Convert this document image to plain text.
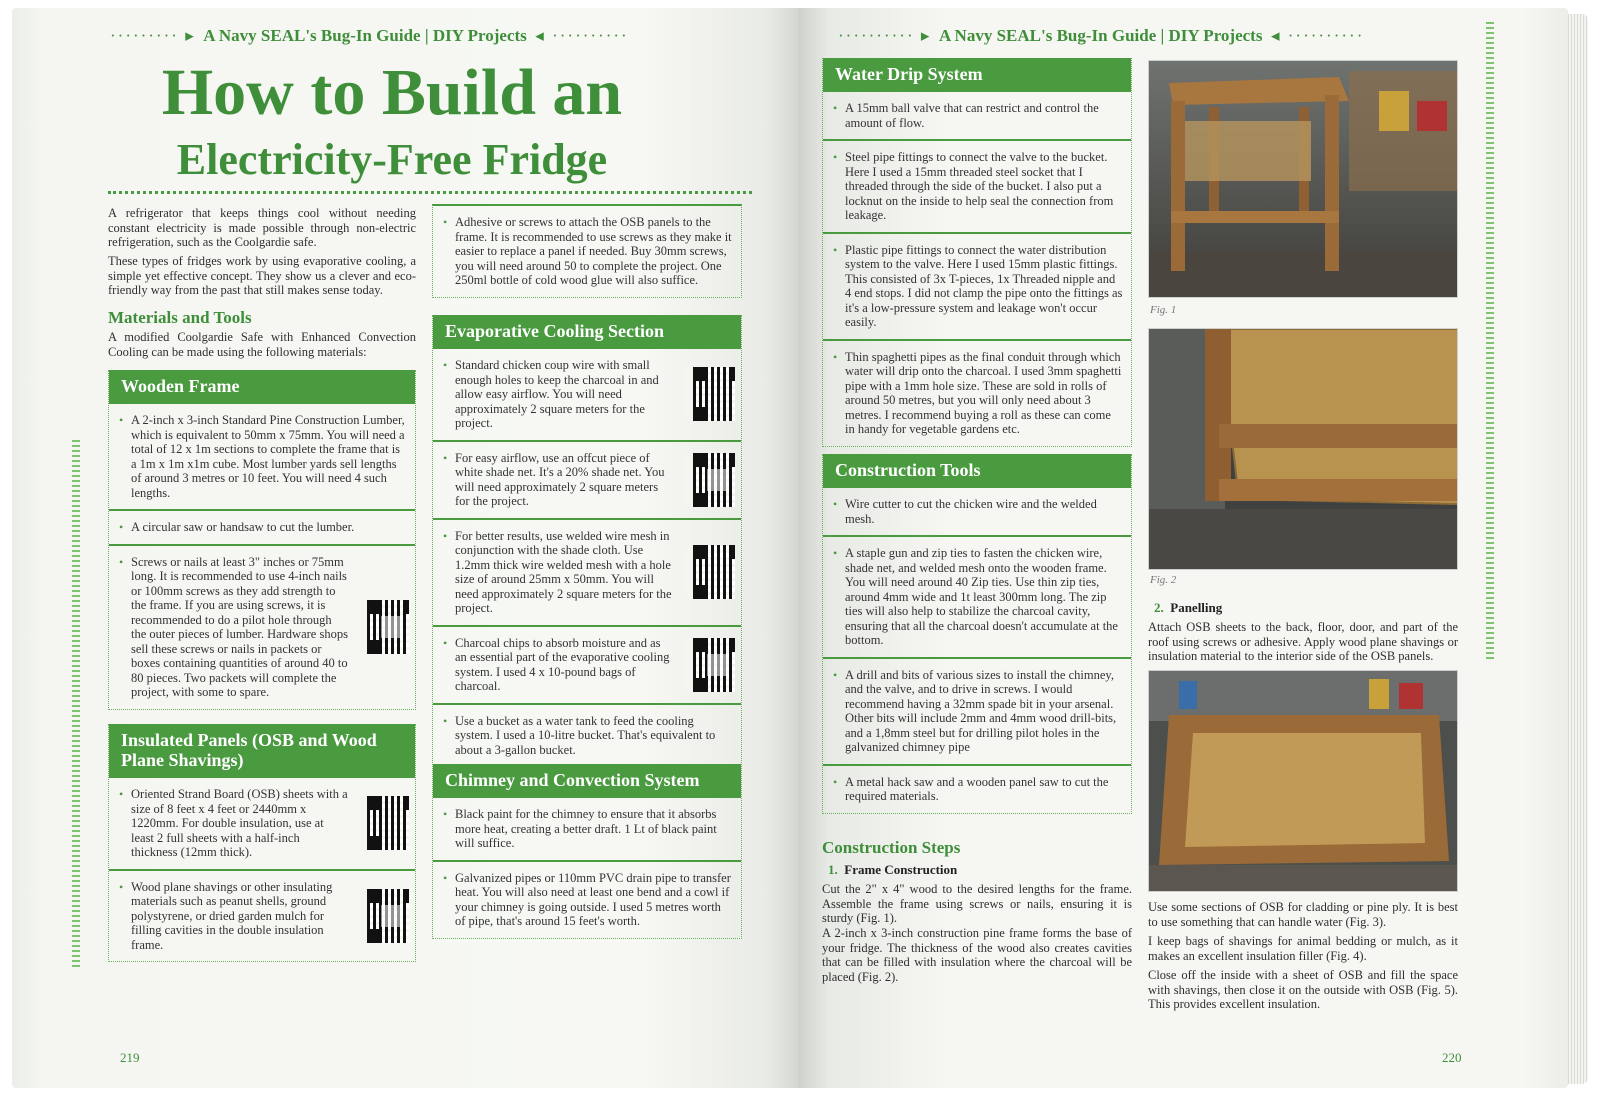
········· ▸ A Navy SEAL's Bug-In Guide | DIY Projects ◂ ··········
How to Build an
Electricity-Free Fridge
A refrigerator that keeps things cool without needing constant electricity is made possible through non-electric refrigeration, such as the Coolgardie safe.
These types of fridges work by using evaporative cooling, a simple yet effective concept. They show us a clever and eco-friendly way from the past that still makes sense today.
Materials and Tools
A modified Coolgardie Safe with Enhanced Convection Cooling can be made using the following materials:
Wooden Frame
• A 2-inch x 3-inch Standard Pine Construction Lumber, which is equivalent to 50mm x 75mm. You will need a total of 12 x 1m sections to complete the frame that is a 1m x 1m x1m cube. Most lumber yards sell lengths of around 3 metres or 10 feet. You will need 4 such lengths.
• A circular saw or handsaw to cut the lumber.
• Screws or nails at least 3" inches or 75mm long. It is recommended to use 4-inch nails or 100mm screws as they add strength to the frame. If you are using screws, it is recommended to do a pilot hole through the outer pieces of lumber. Hardware shops sell these screws or nails in packets or boxes containing quantities of around 40 to 80 pieces. Two packets will complete the project, with some to spare.
Insulated Panels (OSB and Wood Plane Shavings)
• Oriented Strand Board (OSB) sheets with a size of 8 feet x 4 feet or 2440mm x 1220mm. For double insulation, use at least 2 full sheets with a half-inch thickness (12mm thick).
• Wood plane shavings or other insulating materials such as peanut shells, ground polystyrene, or dried garden mulch for filling cavities in the double insulation frame.
• Adhesive or screws to attach the OSB panels to the frame. It is recommended to use screws as they make it easier to replace a panel if needed. Buy 30mm screws, you will need around 50 to complete the project. One 250ml bottle of cold wood glue will also suffice.
Evaporative Cooling Section
• Standard chicken coup wire with small enough holes to keep the charcoal in and allow easy airflow. You will need approximately 2 square meters for the project.
• For easy airflow, use an offcut piece of white shade net. It's a 20% shade net. You will need approximately 2 square meters for the project.
• For better results, use welded wire mesh in conjunction with the shade cloth. Use 1.2mm thick wire welded mesh with a hole size of around 25mm x 50mm. You will need approximately 2 square meters for the project.
• Charcoal chips to absorb moisture and as an essential part of the evaporative cooling system. I used 4 x 10-pound bags of charcoal.
• Use a bucket as a water tank to feed the cooling system. I used a 10-litre bucket. That's equivalent to about a 3-gallon bucket.
Chimney and Convection System
• Black paint for the chimney to ensure that it absorbs more heat, creating a better draft. 1 Lt of black paint will suffice.
• Galvanized pipes or 110mm PVC drain pipe to transfer heat. You will also need at least one bend and a cowl if your chimney is going outside. I used 5 metres worth of pipe, that's around 15 feet's worth.
219
·········· ▸ A Navy SEAL's Bug-In Guide | DIY Projects ◂ ··········
Water Drip System
• A 15mm ball valve that can restrict and control the amount of flow.
• Steel pipe fittings to connect the valve to the bucket. Here I used a 15mm threaded steel socket that I threaded through the side of the bucket. I also put a locknut on the inside to help seal the connection from leakage.
• Plastic pipe fittings to connect the water distribution system to the valve. Here I used 15mm plastic fittings. This consisted of 3x T-pieces, 1x Threaded nipple and 4 end stops. I did not clamp the pipe onto the fittings as it's a low-pressure system and leakage won't occur easily.
• Thin spaghetti pipes as the final conduit through which water will drip onto the charcoal. I used 3mm spaghetti pipe with a 1mm hole size. These are sold in rolls of around 50 metres, but you will only need about 3 metres. I recommend buying a roll as these can come in handy for vegetable gardens etc.
Construction Tools
• Wire cutter to cut the chicken wire and the welded mesh.
• A staple gun and zip ties to fasten the chicken wire, shade net, and welded mesh onto the wooden frame. You will need around 40 Zip ties. Use thin zip ties, around 4mm wide and 1t least 300mm long. The zip ties will also help to stabilize the charcoal cavity, ensuring that all the charcoal doesn't accumulate at the bottom.
• A drill and bits of various sizes to install the chimney, and the valve, and to drive in screws. I would recommend having a 32mm spade bit in your arsenal. Other bits will include 2mm and 4mm wood drill-bits, and a 1,8mm steel but for drilling pilot holes in the galvanized chimney pipe
• A metal hack saw and a wooden panel saw to cut the required materials.
Construction Steps
1. Frame Construction
Cut the 2" x 4" wood to the desired lengths for the frame. Assemble the frame using screws or nails, ensuring it is sturdy (Fig. 1).
A 2-inch x 3-inch construction pine frame forms the base of your fridge. The thickness of the wood also creates cavities that can be filled with insulation where the charcoal will be placed (Fig. 2).
Fig. 1
Fig. 2
2. Panelling
Attach OSB sheets to the back, floor, door, and part of the roof using screws or adhesive. Apply wood plane shavings or insulation material to the interior side of the OSB panels.
Use some sections of OSB for cladding or pine ply. It is best to use something that can handle water (Fig. 3).
I keep bags of shavings for animal bedding or mulch, as it makes an excellent insulation filler (Fig. 4).
Close off the inside with a sheet of OSB and fill the space with shavings, then close it on the outside with OSB (Fig. 5). This provides excellent insulation.
220
